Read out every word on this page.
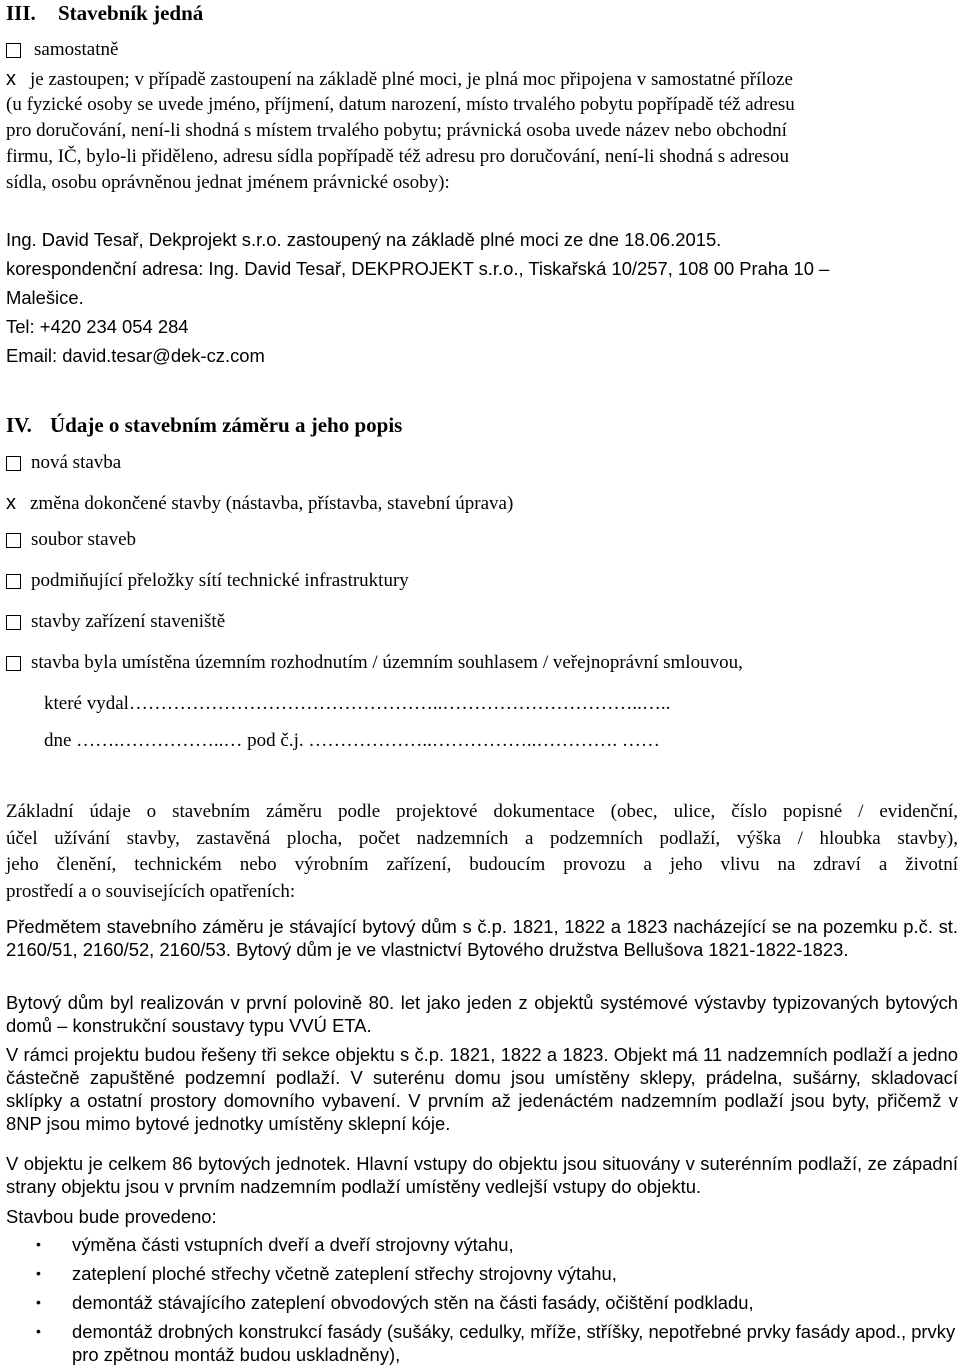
III. Stavebník jedná
samostatně
x je zastoupen; v případě zastoupení na základě plné moci, je plná moc připojena v samostatné příloze
(u fyzické osoby se uvede jméno, příjmení, datum narození, místo trvalého pobytu popřípadě též adresu
pro doručování, není-li shodná s místem trvalého pobytu; právnická osoba uvede název nebo obchodní
firmu, IČ, bylo-li přiděleno, adresu sídla popřípadě též adresu pro doručování, není-li shodná s adresou
sídla, osobu oprávněnou jednat jménem právnické osoby):
Ing. David Tesař, Dekprojekt s.r.o. zastoupený na základě plné moci ze dne 18.06.2015.
korespondenční adresa: Ing. David Tesař, DEKPROJEKT s.r.o., Tiskařská 10/257, 108 00 Praha 10 –
Malešice.
Tel: +420 234 054 284
Email: david.tesar@dek-cz.com
IV. Údaje o stavebním záměru a jeho popis
nová stavba
x změna dokončené stavby (nástavba, přístavba, stavební úprava)
soubor staveb
podmiňující přeložky sítí technické infrastruktury
stavby zařízení staveniště
stavba byla umístěna územním rozhodnutím / územním souhlasem / veřejnoprávní smlouvou,
které vydal…………………………………………..…………………………..…..
dne …….……………..… pod č.j. ………………..……………..…………. ……
Základní údaje o stavebním záměru podle projektové dokumentace (obec, ulice, číslo popisné / evidenční,
účel užívání stavby, zastavěná plocha, počet nadzemních a podzemních podlaží, výška / hloubka stavby),
jeho členění, technickém nebo výrobním zařízení, budoucím provozu a jeho vlivu na zdraví a životní
prostředí a o souvisejících opatřeních:
Předmětem stavebního záměru je stávající bytový dům s č.p. 1821, 1822 a 1823 nacházející se na pozemku p.č. st. 2160/51, 2160/52, 2160/53. Bytový dům je ve vlastnictví Bytového družstva Bellušova 1821-1822-1823.
Bytový dům byl realizován v první polovině 80. let jako jeden z objektů systémové výstavby typizovaných bytových domů – konstrukční soustavy typu VVÚ ETA.
V rámci projektu budou řešeny tři sekce objektu s č.p. 1821, 1822 a 1823. Objekt má 11 nadzemních podlaží a jedno částečně zapuštěné podzemní podlaží. V suterénu domu jsou umístěny sklepy, prádelna, sušárny, skladovací sklípky a ostatní prostory domovního vybavení. V prvním až jedenáctém nadzemním podlaží jsou byty, přičemž v 8NP jsou mimo bytové jednotky umístěny sklepní kóje.
V objektu je celkem 86 bytových jednotek. Hlavní vstupy do objektu jsou situovány v suterénním podlaží, ze západní strany objektu jsou v prvním nadzemním podlaží umístěny vedlejší vstupy do objektu.
Stavbou bude provedeno:
• výměna části vstupních dveří a dveří strojovny výtahu,
• zateplení ploché střechy včetně zateplení střechy strojovny výtahu,
• demontáž stávajícího zateplení obvodových stěn na části fasády, očištění podkladu,
• demontáž drobných konstrukcí fasády (sušáky, cedulky, mříže, stříšky, nepotřebné prvky fasády apod., prvky pro zpětnou montáž budou uskladněny),
